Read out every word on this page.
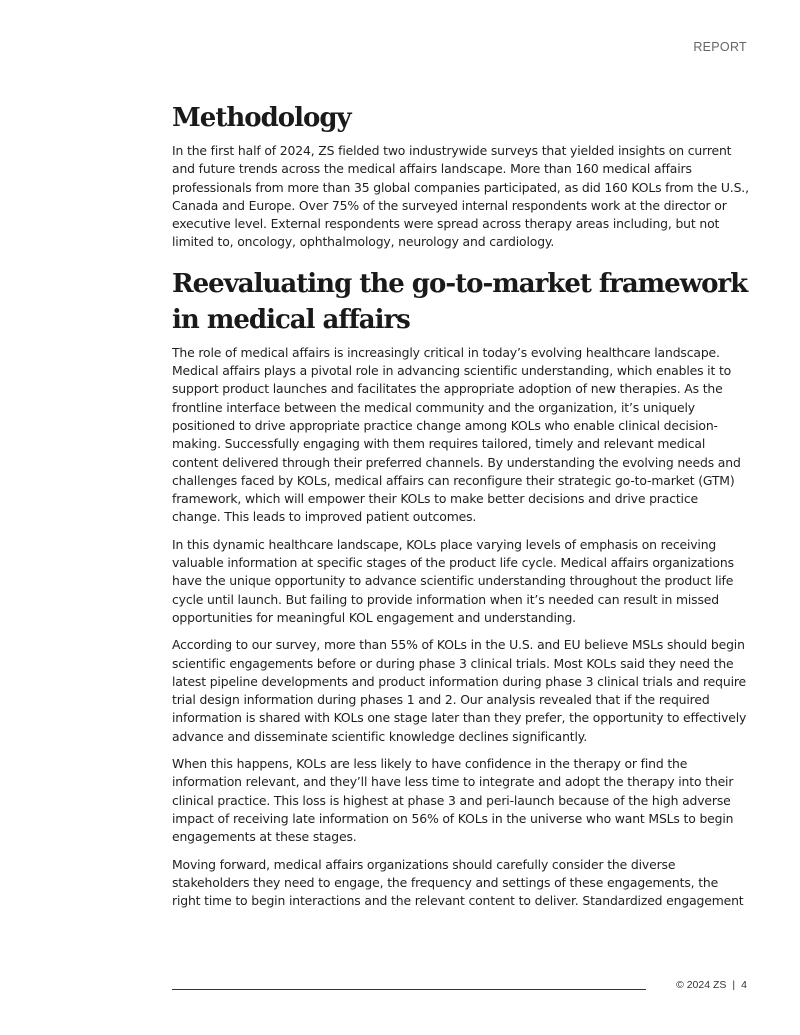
REPORT
Methodology

In the first half of 2024, ZS fielded two industrywide surveys that yielded insights on current and future trends across the medical affairs landscape. More than 160 medical affairs professionals from more than 35 global companies participated, as did 160 KOLs from the U.S., Canada and Europe. Over 75% of the surveyed internal respondents work at the director or executive level. External respondents were spread across therapy areas including, but not limited to, oncology, ophthalmology, neurology and cardiology.

Reevaluating the go-to-market framework in medical affairs

The role of medical affairs is increasingly critical in today’s evolving healthcare landscape. Medical affairs plays a pivotal role in advancing scientific understanding, which enables it to support product launches and facilitates the appropriate adoption of new therapies. As the frontline interface between the medical community and the organization, it’s uniquely positioned to drive appropriate practice change among KOLs who enable clinical decision-making. Successfully engaging with them requires tailored, timely and relevant medical content delivered through their preferred channels. By understanding the evolving needs and challenges faced by KOLs, medical affairs can reconfigure their strategic go-to-market (GTM) framework, which will empower their KOLs to make better decisions and drive practice change. This leads to improved patient outcomes.

In this dynamic healthcare landscape, KOLs place varying levels of emphasis on receiving valuable information at specific stages of the product life cycle. Medical affairs organizations have the unique opportunity to advance scientific understanding throughout the product life cycle until launch. But failing to provide information when it’s needed can result in missed opportunities for meaningful KOL engagement and understanding.

According to our survey, more than 55% of KOLs in the U.S. and EU believe MSLs should begin scientific engagements before or during phase 3 clinical trials. Most KOLs said they need the latest pipeline developments and product information during phase 3 clinical trials and require trial design information during phases 1 and 2. Our analysis revealed that if the required information is shared with KOLs one stage later than they prefer, the opportunity to effectively advance and disseminate scientific knowledge declines significantly.

When this happens, KOLs are less likely to have confidence in the therapy or find the information relevant, and they’ll have less time to integrate and adopt the therapy into their clinical practice. This loss is highest at phase 3 and peri-launch because of the high adverse impact of receiving late information on 56% of KOLs in the universe who want MSLs to begin engagements at these stages.

Moving forward, medical affairs organizations should carefully consider the diverse stakeholders they need to engage, the frequency and settings of these engagements, the right time to begin interactions and the relevant content to deliver. Standardized engagement

© 2024 ZS | 4
